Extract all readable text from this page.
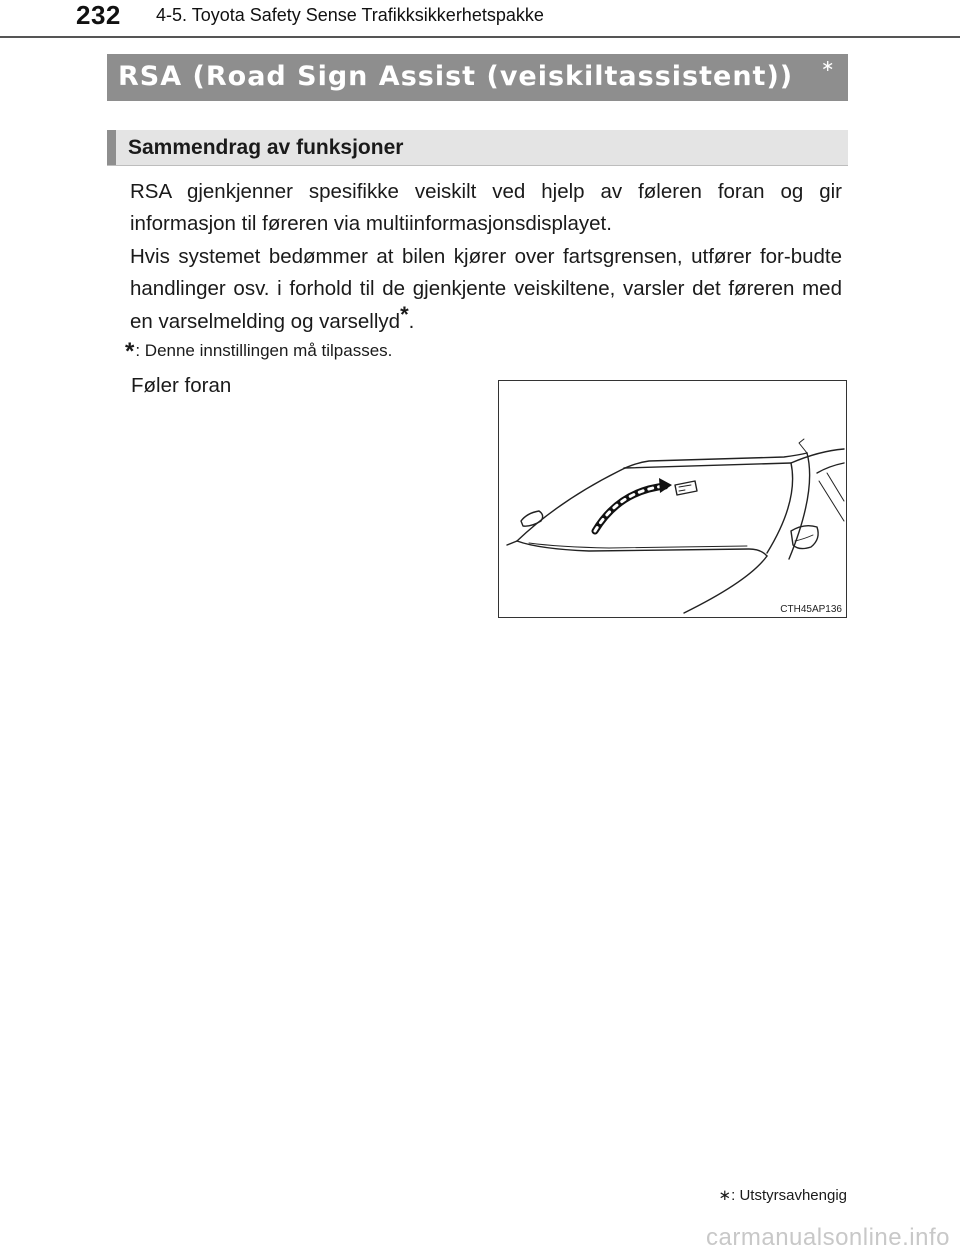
232 4-5. Toyota Safety Sense Trafikksikkerhetspakke
RSA (Road Sign Assist (veiskiltassistent)) ∗
Sammendrag av funksjoner

RSA gjenkjenner spesifikke veiskilt ved hjelp av føleren foran og gir informasjon til føreren via multiinformasjonsdisplayet.

Hvis systemet bedømmer at bilen kjører over fartsgrensen, utfører for-budte handlinger osv. i forhold til de gjenkjente veiskiltene, varsler det føreren med en varselmelding og varsellyd*.

*: Denne innstillingen må tilpasses.
Føler foran
CTH45AP136
∗: Utstyrsavhengig
carmanualsonline.info
